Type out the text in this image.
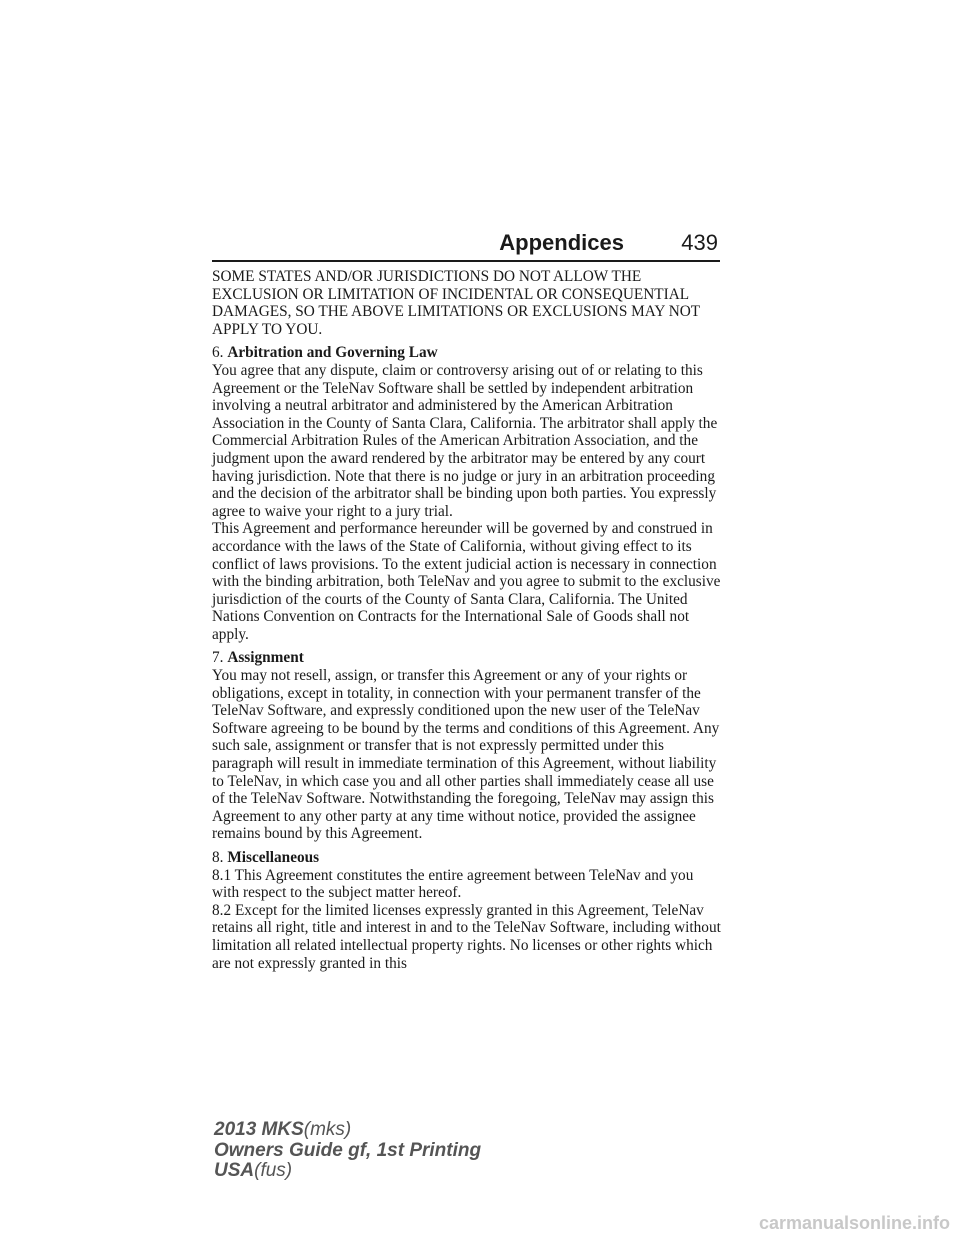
Appendices	439

SOME STATES AND/OR JURISDICTIONS DO NOT ALLOW THE EXCLUSION OR LIMITATION OF INCIDENTAL OR CONSEQUENTIAL DAMAGES, SO THE ABOVE LIMITATIONS OR EXCLUSIONS MAY NOT APPLY TO YOU.

6. Arbitration and Governing Law

You agree that any dispute, claim or controversy arising out of or relating to this Agreement or the TeleNav Software shall be settled by independent arbitration involving a neutral arbitrator and administered by the American Arbitration Association in the County of Santa Clara, California. The arbitrator shall apply the Commercial Arbitration Rules of the American Arbitration Association, and the judgment upon the award rendered by the arbitrator may be entered by any court having jurisdiction. Note that there is no judge or jury in an arbitration proceeding and the decision of the arbitrator shall be binding upon both parties. You expressly agree to waive your right to a jury trial.

This Agreement and performance hereunder will be governed by and construed in accordance with the laws of the State of California, without giving effect to its conflict of laws provisions. To the extent judicial action is necessary in connection with the binding arbitration, both TeleNav and you agree to submit to the exclusive jurisdiction of the courts of the County of Santa Clara, California. The United Nations Convention on Contracts for the International Sale of Goods shall not apply.

7. Assignment

You may not resell, assign, or transfer this Agreement or any of your rights or obligations, except in totality, in connection with your permanent transfer of the TeleNav Software, and expressly conditioned upon the new user of the TeleNav Software agreeing to be bound by the terms and conditions of this Agreement. Any such sale, assignment or transfer that is not expressly permitted under this paragraph will result in immediate termination of this Agreement, without liability to TeleNav, in which case you and all other parties shall immediately cease all use of the TeleNav Software. Notwithstanding the foregoing, TeleNav may assign this Agreement to any other party at any time without notice, provided the assignee remains bound by this Agreement.

8. Miscellaneous

8.1 This Agreement constitutes the entire agreement between TeleNav and you with respect to the subject matter hereof.

8.2 Except for the limited licenses expressly granted in this Agreement, TeleNav retains all right, title and interest in and to the TeleNav Software, including without limitation all related intellectual property rights. No licenses or other rights which are not expressly granted in this

2013 MKS(mks)
Owners Guide gf, 1st Printing
USA(fus)
carmanualsonline.info
